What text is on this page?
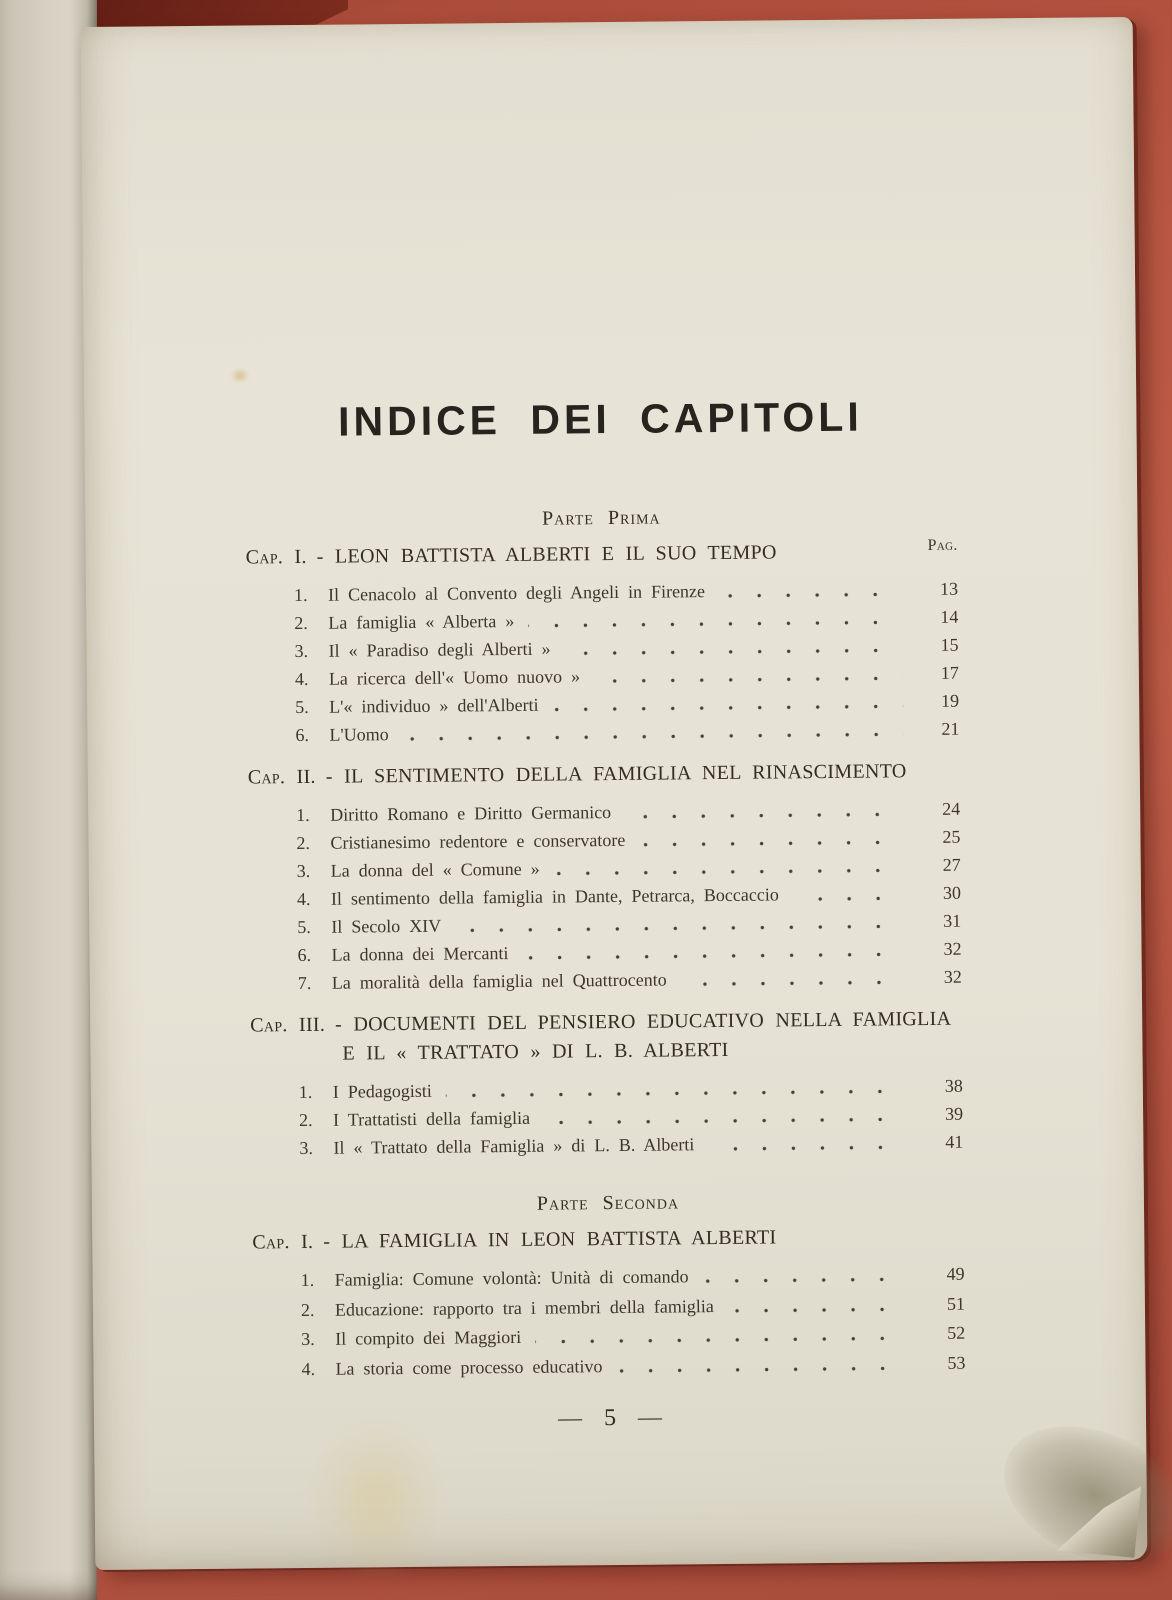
INDICE DEI CAPITOLI
Parte Prima
Cap. I. - LEON BATTISTA ALBERTI E IL SUO TEMPO	Pag.
1.	Il Cenacolo al Convento degli Angeli in Firenze	13
2.	La famiglia « Alberta »	14
3.	Il « Paradiso degli Alberti »	15
4.	La ricerca dell'« Uomo nuovo »	17
5.	L'« individuo » dell'Alberti	19
6.	L'Uomo	21
Cap. II. - IL SENTIMENTO DELLA FAMIGLIA NEL RINASCIMENTO
1.	Diritto Romano e Diritto Germanico	24
2.	Cristianesimo redentore e conservatore	25
3.	La donna del « Comune »	27
4.	Il sentimento della famiglia in Dante, Petrarca, Boccaccio	30
5.	Il Secolo XIV	31
6.	La donna dei Mercanti	32
7.	La moralità della famiglia nel Quattrocento	32
Cap. III. - DOCUMENTI DEL PENSIERO EDUCATIVO NELLA FAMIGLIA
E IL « TRATTATO » DI L. B. ALBERTI
1.	I Pedagogisti	38
2.	I Trattatisti della famiglia	39
3.	Il « Trattato della Famiglia » di L. B. Alberti	41
Parte Seconda
Cap. I. - LA FAMIGLIA IN LEON BATTISTA ALBERTI
1.	Famiglia: Comune volontà: Unità di comando	49
2.	Educazione: rapporto tra i membri della famiglia	51
3.	Il compito dei Maggiori	52
4.	La storia come processo educativo	53
— 5 —
